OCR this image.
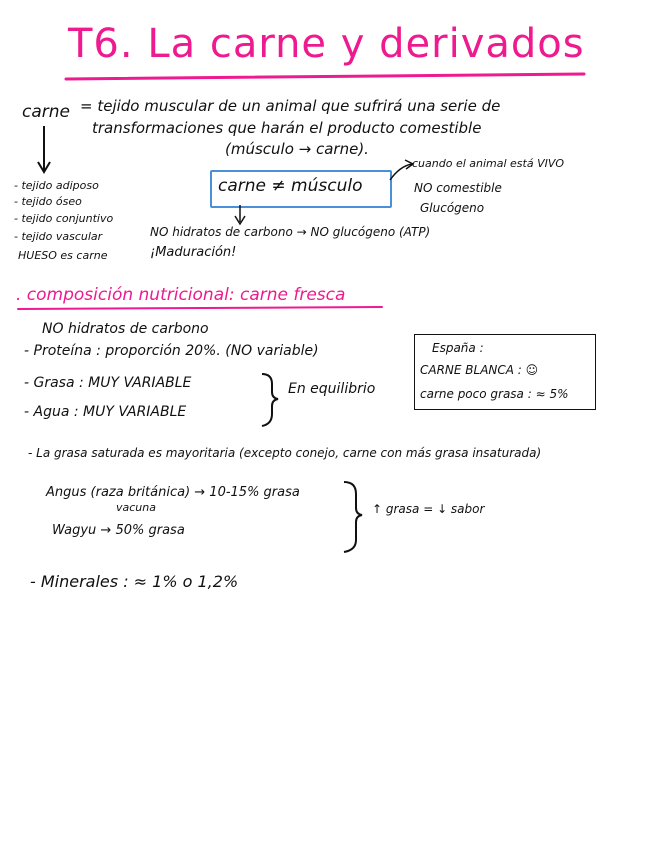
T6. La carne y derivados
carne = tejido muscular de un animal que sufrirá una serie de
transformaciones que harán el producto comestible
(músculo → carne).
- tejido adiposo
- tejido óseo
- tejido conjuntivo
- tejido vascular
HUESO es carne
carne ≠ músculo
cuando el animal está VIVO
NO comestible
Glucógeno
NO hidratos de carbono → NO glucógeno (ATP)
¡Maduración!
. composición nutricional: carne fresca
NO hidratos de carbono
- Proteína : proporción 20%. (NO variable)
- Grasa : MUY VARIABLE
- Agua : MUY VARIABLE
En equilibrio
España :
CARNE BLANCA : ☺
carne poco grasa : ≈ 5%
- La grasa saturada es mayoritaria (excepto conejo, carne con más grasa insaturada)
Angus (raza británica) → 10-15% grasa
vacuna
Wagyu → 50% grasa
↑ grasa = ↓ sabor
- Minerales : ≈ 1% o 1,2%
